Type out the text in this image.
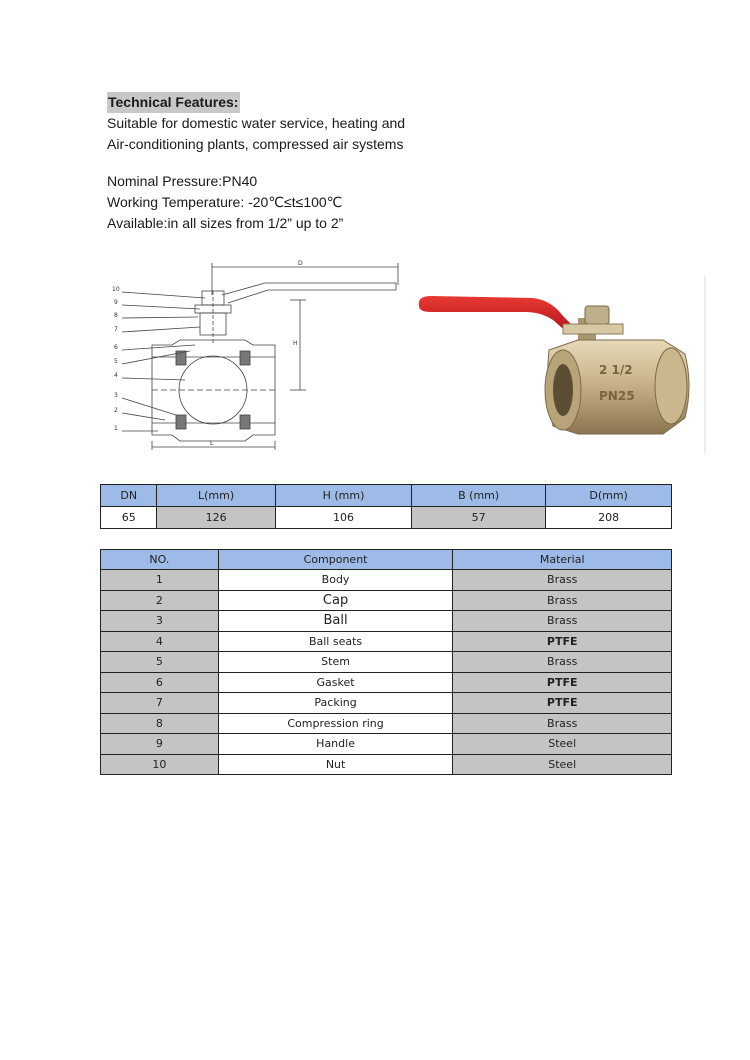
Technical Features:

Suitable for domestic water service, heating and

Air-conditioning plants, compressed air systems

Nominal Pressure:PN40

Working Temperature: -20℃≤t≤100℃

Available:in all sizes from 1/2” up to 2”

10
9
8
7
6
5
4
3
2
1
D
H
L
2 1/2
PN25
DN	L(mm)	H (mm)	B (mm)	D(mm)
65	126	106	57	208
NO.	Component	Material
1	Body	Brass
2	Cap	Brass
3	Ball	Brass
4	Ball seats	PTFE
5	Stem	Brass
6	Gasket	PTFE
7	Packing	PTFE
8	Compression ring	Brass
9	Handle	Steel
10	Nut	Steel
